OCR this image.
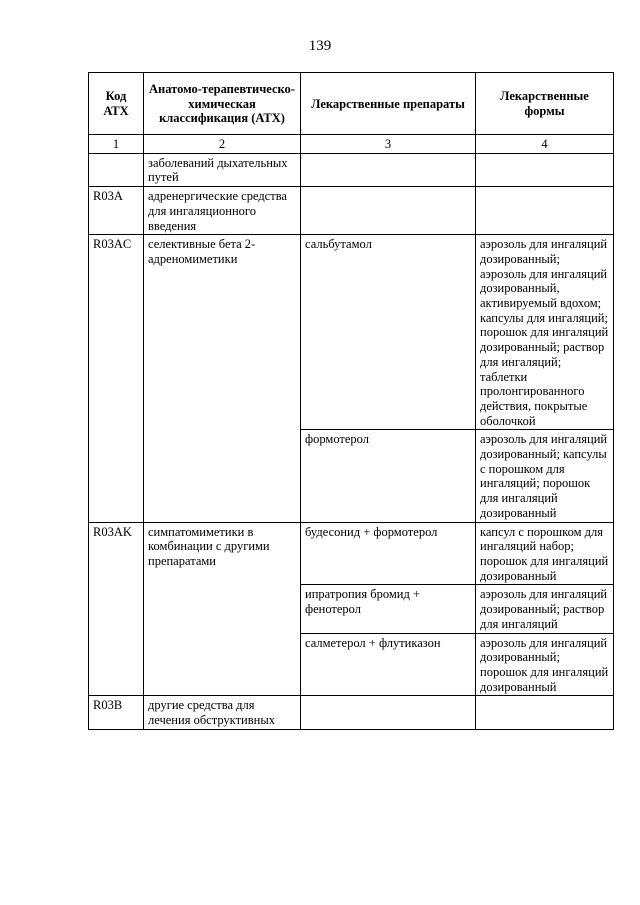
139
Код АТХ	Анатомо-терапевтическо-химическая классификация (АТХ)	Лекарственные препараты	Лекарственные формы
1	2	3	4
	заболеваний дыхательных путей		
R03A	адренергические средства для ингаляционного введения		
R03AC	селективные бета 2-адреномиметики	сальбутамол	аэрозоль для ингаляций дозированный; аэрозоль для ингаляций дозированный, активируемый вдохом; капсулы для ингаляций; порошок для ингаляций дозированный; раствор для ингаляций; таблетки пролонгированного действия, покрытые оболочкой
		формотерол	аэрозоль для ингаляций дозированный; капсулы с порошком для ингаляций; порошок для ингаляций дозированный
R03AK	симпатомиметики в комбинации с другими препаратами	будесонид + формотерол	капсул с порошком для ингаляций набор; порошок для ингаляций дозированный
		ипратропия бромид + фенотерол	аэрозоль для ингаляций дозированный; раствор для ингаляций
		салметерол + флутиказон	аэрозоль для ингаляций дозированный; порошок для ингаляций дозированный
R03B	другие средства для лечения обструктивных		
